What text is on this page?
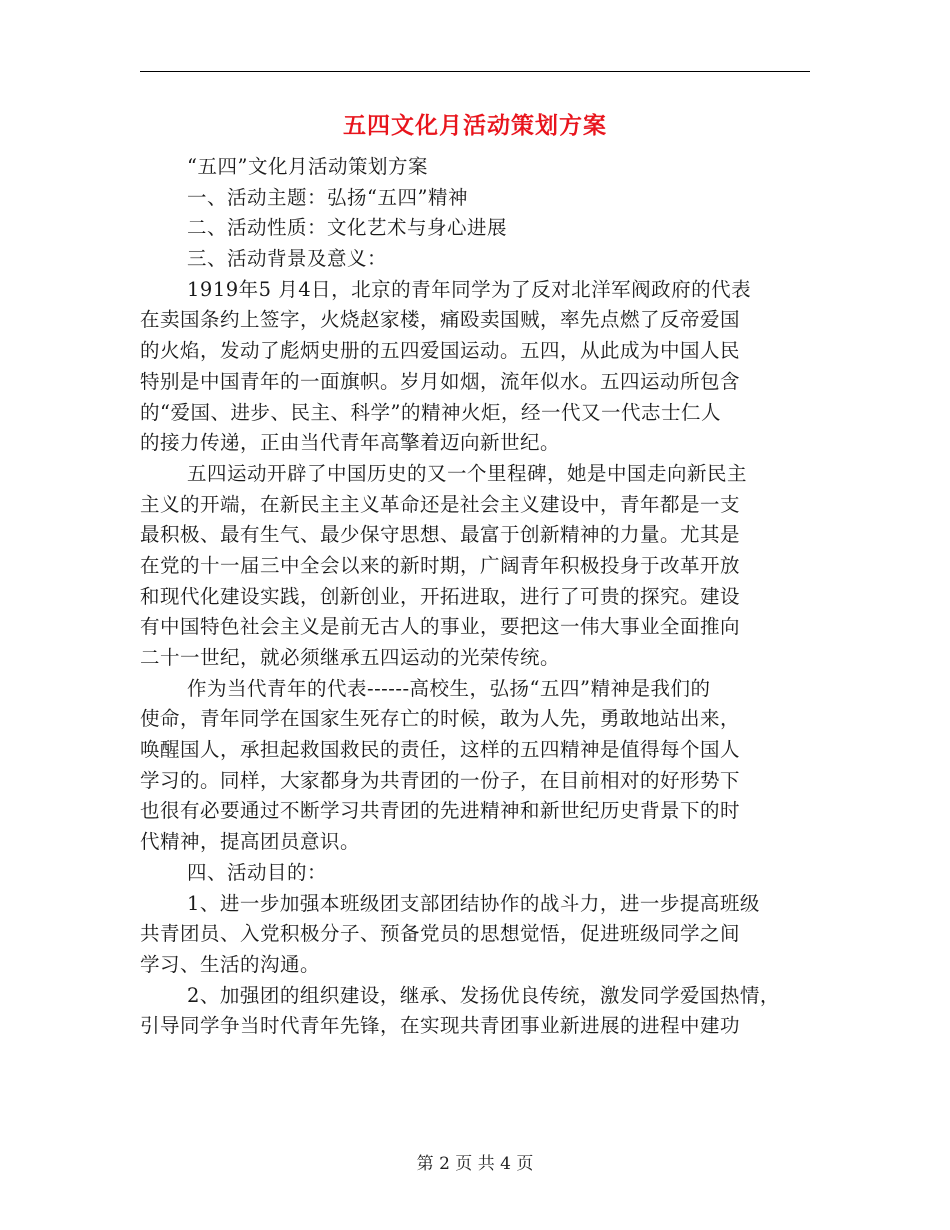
五四文化月活动策划方案
“五四”文化月活动策划方案
一、活动主题：弘扬“五四”精神
二、活动性质：文化艺术与身心进展
三、活动背景及意义：
1919年5 月4日，北京的青年同学为了反对北洋军阀政府的代表
在卖国条约上签字，火烧赵家楼，痛殴卖国贼，率先点燃了反帝爱国
的火焰，发动了彪炳史册的五四爱国运动。五四，从此成为中国人民
特别是中国青年的一面旗帜。岁月如烟，流年似水。五四运动所包含
的“爱国、进步、民主、科学”的精神火炬，经一代又一代志士仁人
的接力传递，正由当代青年高擎着迈向新世纪。
五四运动开辟了中国历史的又一个里程碑，她是中国走向新民主
主义的开端，在新民主主义革命还是社会主义建设中，青年都是一支
最积极、最有生气、最少保守思想、最富于创新精神的力量。尤其是
在党的十一届三中全会以来的新时期，广阔青年积极投身于改革开放
和现代化建设实践，创新创业，开拓进取，进行了可贵的探究。建设
有中国特色社会主义是前无古人的事业，要把这一伟大事业全面推向
二十一世纪，就必须继承五四运动的光荣传统。
作为当代青年的代表------高校生，弘扬“五四”精神是我们的
使命，青年同学在国家生死存亡的时候，敢为人先，勇敢地站出来，
唤醒国人，承担起救国救民的责任，这样的五四精神是值得每个国人
学习的。同样，大家都身为共青团的一份子，在目前相对的好形势下
也很有必要通过不断学习共青团的先进精神和新世纪历史背景下的时
代精神，提高团员意识。
四、活动目的：
1、进一步加强本班级团支部团结协作的战斗力，进一步提高班级
共青团员、入党积极分子、预备党员的思想觉悟，促进班级同学之间
学习、生活的沟通。
2、加强团的组织建设，继承、发扬优良传统，激发同学爱国热情，
引导同学争当时代青年先锋，在实现共青团事业新进展的进程中建功
第 2 页 共 4 页
